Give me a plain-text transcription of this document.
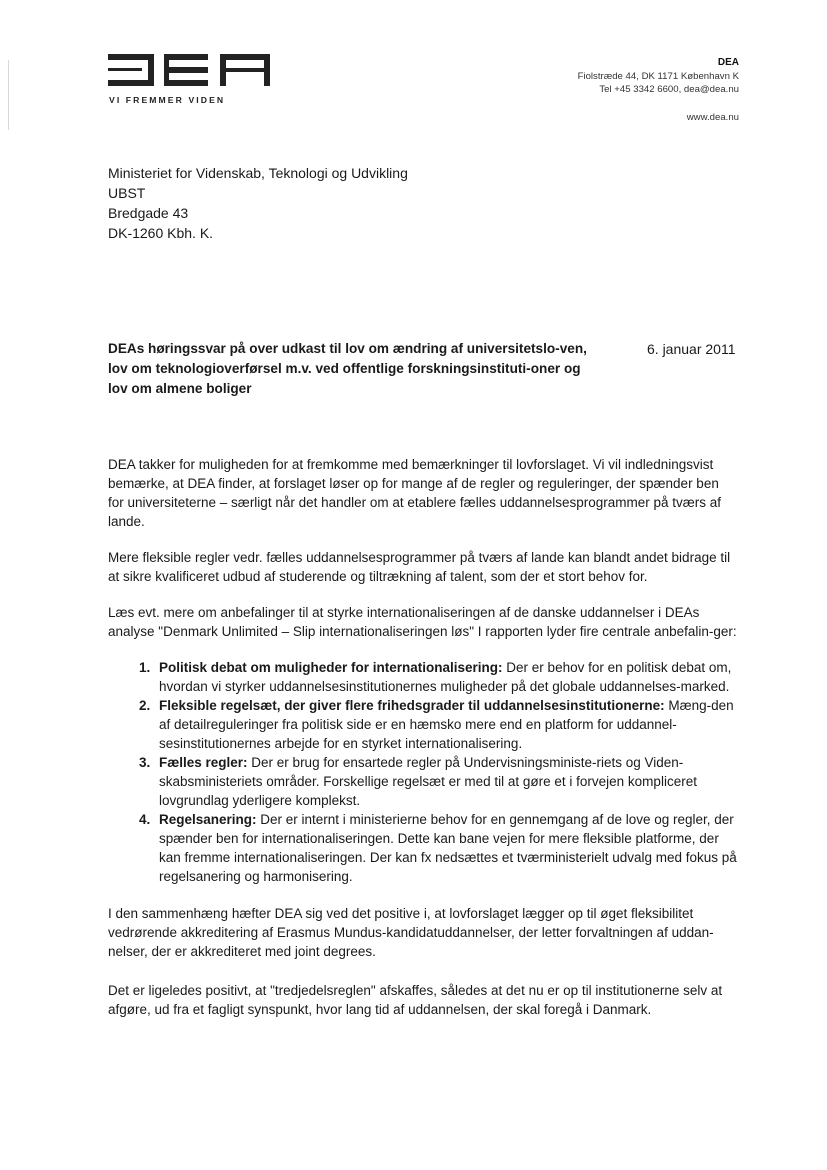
VI FREMMER VIDEN
DEA
Fiolstræde 44, DK 1171 København K
Tel +45 3342 6600, dea@dea.nu
www.dea.nu
Ministeriet for Videnskab, Teknologi og Udvikling
UBST
Bredgade 43
DK-1260 Kbh. K.
DEAs høringssvar på over udkast til lov om ændring af universitetslo-ven, lov om teknologioverførsel m.v. ved offentlige forskningsinstituti-oner og lov om almene boliger
6. januar 2011

DEA takker for muligheden for at fremkomme med bemærkninger til lovforslaget. Vi vil indledningsvist bemærke, at DEA finder, at forslaget løser op for mange af de regler og reguleringer, der spænder ben for universiteterne – særligt når det handler om at etablere fælles uddannelsesprogrammer på tværs af lande.

Mere fleksible regler vedr. fælles uddannelsesprogrammer på tværs af lande kan blandt andet bidrage til at sikre kvalificeret udbud af studerende og tiltrækning af talent, som der et stort behov for.

Læs evt. mere om anbefalinger til at styrke internationaliseringen af de danske uddannelser i DEAs analyse "Denmark Unlimited – Slip internationaliseringen løs" I rapporten lyder fire centrale anbefalin-ger:

1. Politisk debat om muligheder for internationalisering: Der er behov for en politisk debat om, hvordan vi styrker uddannelsesinstitutionernes muligheder på det globale uddannelses-marked.
2. Fleksible regelsæt, der giver flere frihedsgrader til uddannelsesinstitutionerne: Mæng-den af detailreguleringer fra politisk side er en hæmsko mere end en platform for uddannel-sesinstitutionernes arbejde for en styrket internationalisering.
3. Fælles regler: Der er brug for ensartede regler på Undervisningsministe-riets og Viden-skabsministeriets områder. Forskellige regelsæt er med til at gøre et i forvejen kompliceret lovgrundlag yderligere komplekst.
4. Regelsanering: Der er internt i ministerierne behov for en gennemgang af de love og regler, der spænder ben for internationaliseringen. Dette kan bane vejen for mere fleksible platforme, der kan fremme internationaliseringen. Der kan fx nedsættes et tværministerielt udvalg med fokus på regelsanering og harmonisering.

I den sammenhæng hæfter DEA sig ved det positive i, at lovforslaget lægger op til øget fleksibilitet vedrørende akkreditering af Erasmus Mundus-kandidatuddannelser, der letter forvaltningen af uddan-nelser, der er akkrediteret med joint degrees.

Det er ligeledes positivt, at "tredjedelsreglen" afskaffes, således at det nu er op til institutionerne selv at afgøre, ud fra et fagligt synspunkt, hvor lang tid af uddannelsen, der skal foregå i Danmark.
